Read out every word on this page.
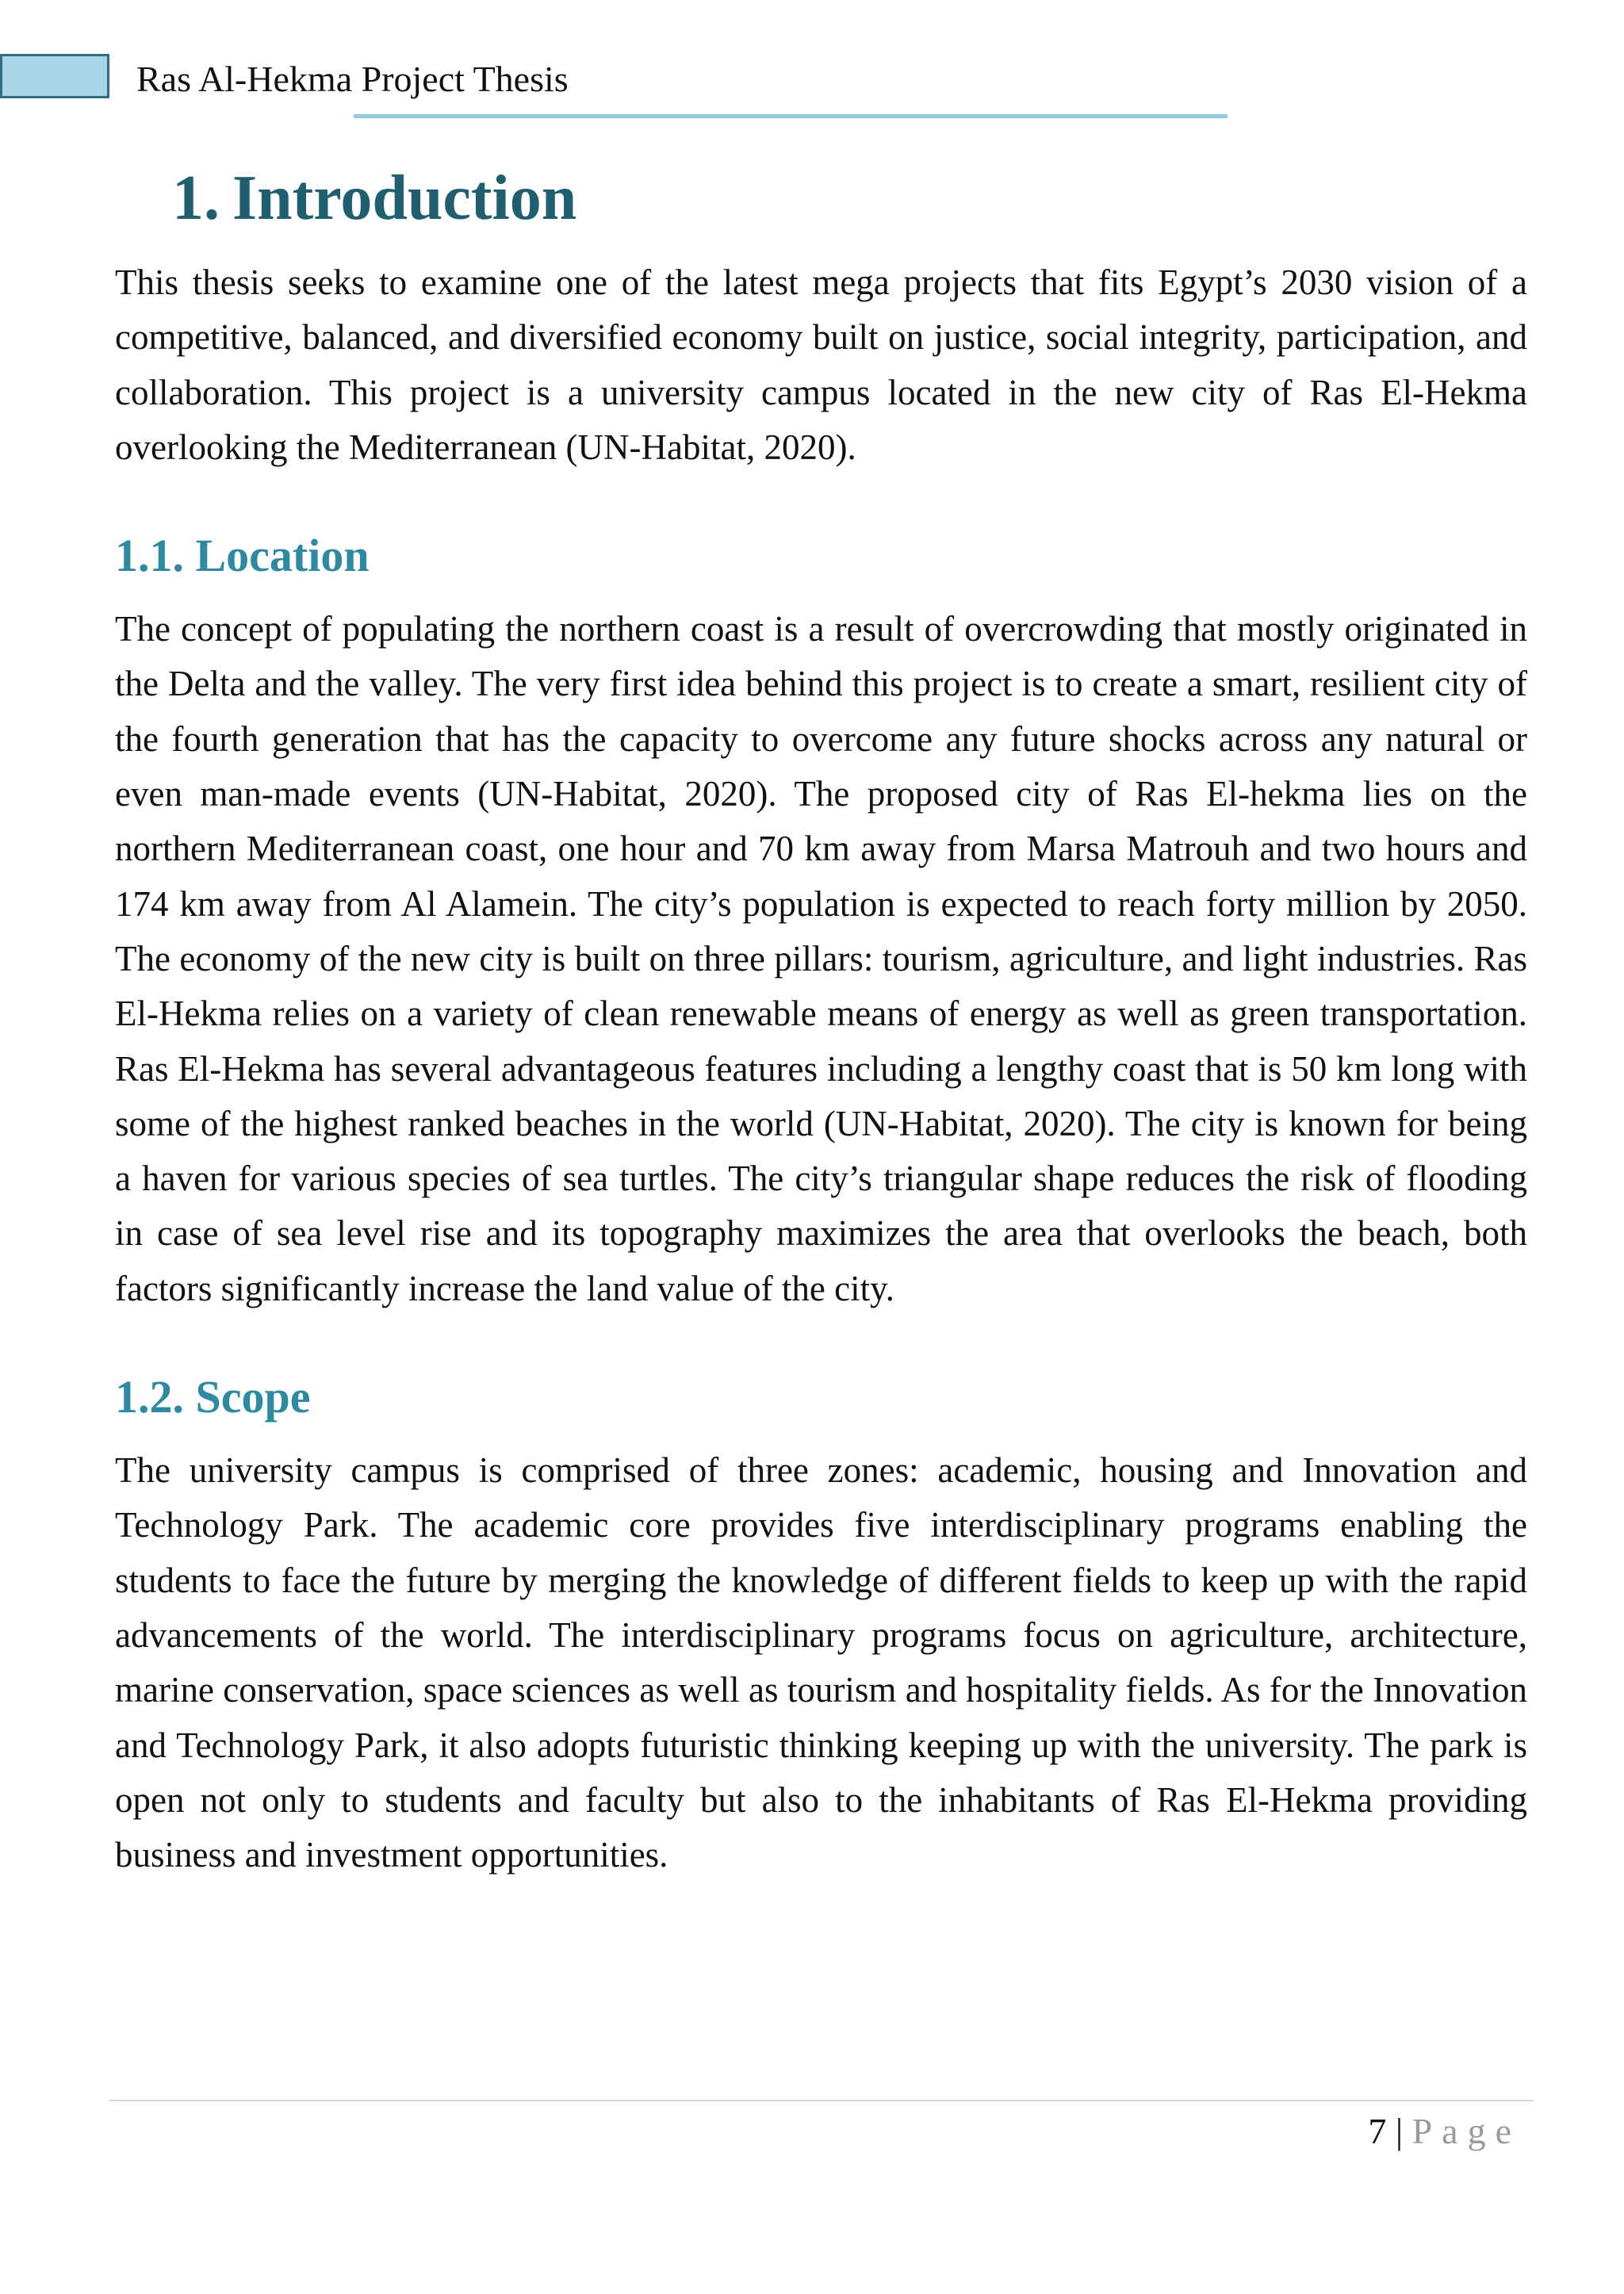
Ras Al-Hekma Project Thesis
1. Introduction

This thesis seeks to examine one of the latest mega projects that fits Egypt’s 2030 vision of a competitive, balanced, and diversified economy built on justice, social integrity, participation, and collaboration. This project is a university campus located in the new city of Ras El-Hekma overlooking the Mediterranean (UN-Habitat, 2020).

1.1. Location

The concept of populating the northern coast is a result of overcrowding that mostly originated in the Delta and the valley. The very first idea behind this project is to create a smart, resilient city of the fourth generation that has the capacity to overcome any future shocks across any natural or even man-made events (UN-Habitat, 2020). The proposed city of Ras El-hekma lies on the northern Mediterranean coast, one hour and 70 km away from Marsa Matrouh and two hours and 174 km away from Al Alamein. The city’s population is expected to reach forty million by 2050. The economy of the new city is built on three pillars: tourism, agriculture, and light industries. Ras El-Hekma relies on a variety of clean renewable means of energy as well as green transportation. Ras El-Hekma has several advantageous features including a lengthy coast that is 50 km long with some of the highest ranked beaches in the world (UN-Habitat, 2020). The city is known for being a haven for various species of sea turtles. The city’s triangular shape reduces the risk of flooding in case of sea level rise and its topography maximizes the area that overlooks the beach, both factors significantly increase the land value of the city.

1.2. Scope

The university campus is comprised of three zones: academic, housing and Innovation and Technology Park. The academic core provides five interdisciplinary programs enabling the students to face the future by merging the knowledge of different fields to keep up with the rapid advancements of the world. The interdisciplinary programs focus on agriculture, architecture, marine conservation, space sciences as well as tourism and hospitality fields. As for the Innovation and Technology Park, it also adopts futuristic thinking keeping up with the university. The park is open not only to students and faculty but also to the inhabitants of Ras El-Hekma providing business and investment opportunities.

7 | Page
